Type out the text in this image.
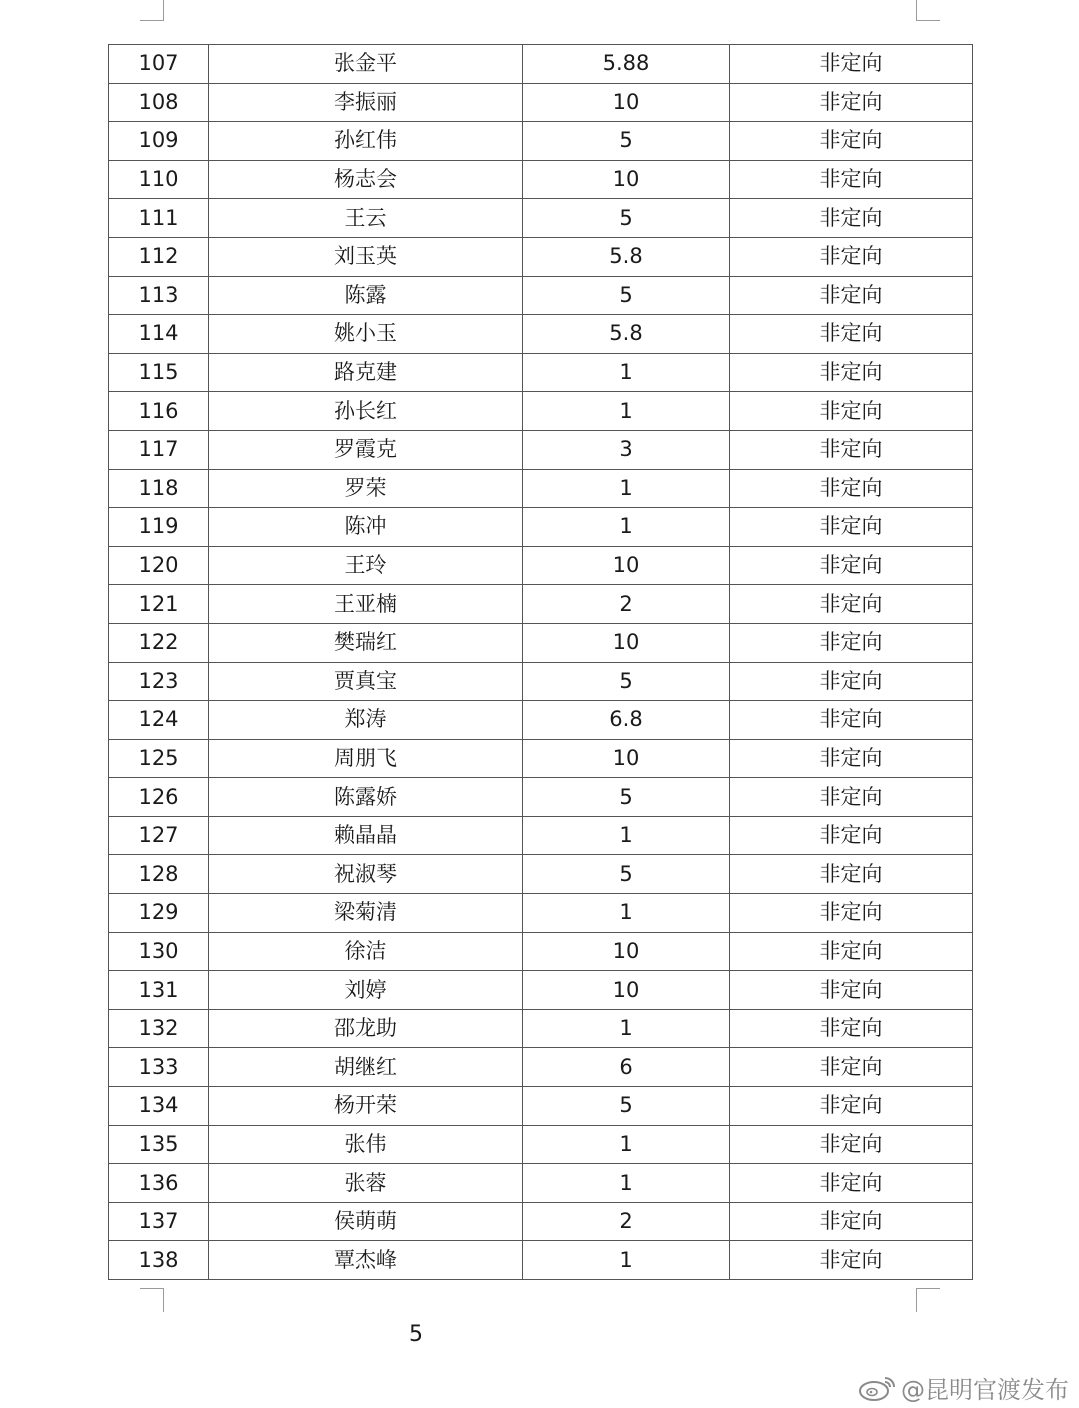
107	张金平	5.88	非定向
108	李振丽	10	非定向
109	孙红伟	5	非定向
110	杨志会	10	非定向
111	王云	5	非定向
112	刘玉英	5.8	非定向
113	陈露	5	非定向
114	姚小玉	5.8	非定向
115	路克建	1	非定向
116	孙长红	1	非定向
117	罗霞克	3	非定向
118	罗荣	1	非定向
119	陈冲	1	非定向
120	王玲	10	非定向
121	王亚楠	2	非定向
122	樊瑞红	10	非定向
123	贾真宝	5	非定向
124	郑涛	6.8	非定向
125	周朋飞	10	非定向
126	陈露娇	5	非定向
127	赖晶晶	1	非定向
128	祝淑琴	5	非定向
129	梁菊清	1	非定向
130	徐洁	10	非定向
131	刘婷	10	非定向
132	邵龙助	1	非定向
133	胡继红	6	非定向
134	杨开荣	5	非定向
135	张伟	1	非定向
136	张蓉	1	非定向
137	侯萌萌	2	非定向
138	覃杰峰	1	非定向
5
@昆明官渡发布
